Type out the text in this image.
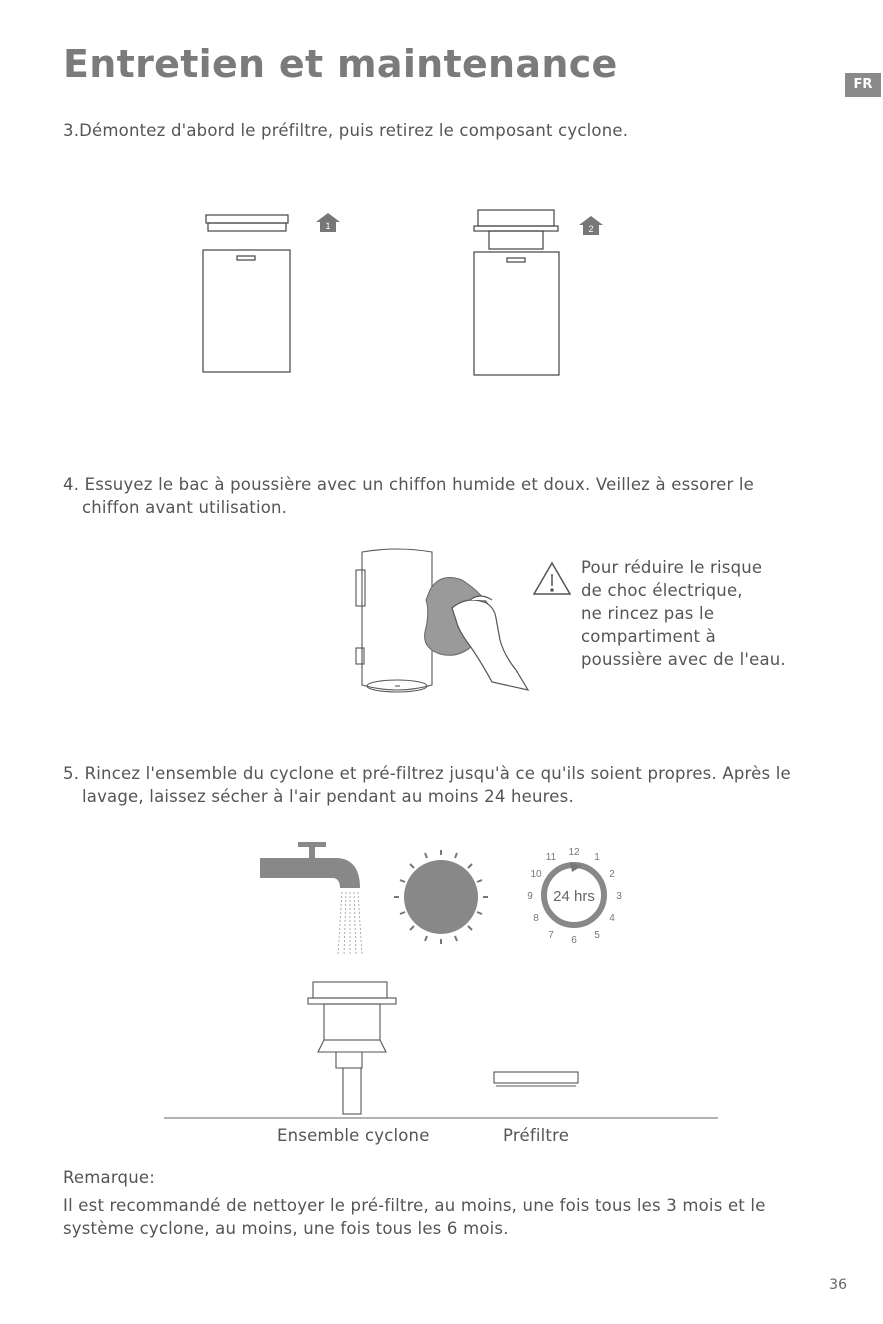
Entretien et maintenance	FR
3.Démontez d'abord le préfiltre, puis retirez le composant cyclone.
1	2
12 1
2
3
4
5
6
7
8
9
10
11
24 hrs
4. Essuyez le bac à poussière avec un chiffon humide et doux. Veillez à essorer le
chiffon avant utilisation.
Pour réduire le risque
de choc électrique,
ne rincez pas le
compartiment à
poussière avec de l'eau.
5. Rincez l'ensemble du cyclone et pré-filtrez jusqu'à ce qu'ils soient propres. Après le
lavage, laissez sécher à l'air pendant au moins 24 heures.
Ensemble cyclone	Préfiltre
Remarque:
Il est recommandé de nettoyer le pré-filtre, au moins, une fois tous les 3 mois et le
système cyclone, au moins, une fois tous les 6 mois.
36
